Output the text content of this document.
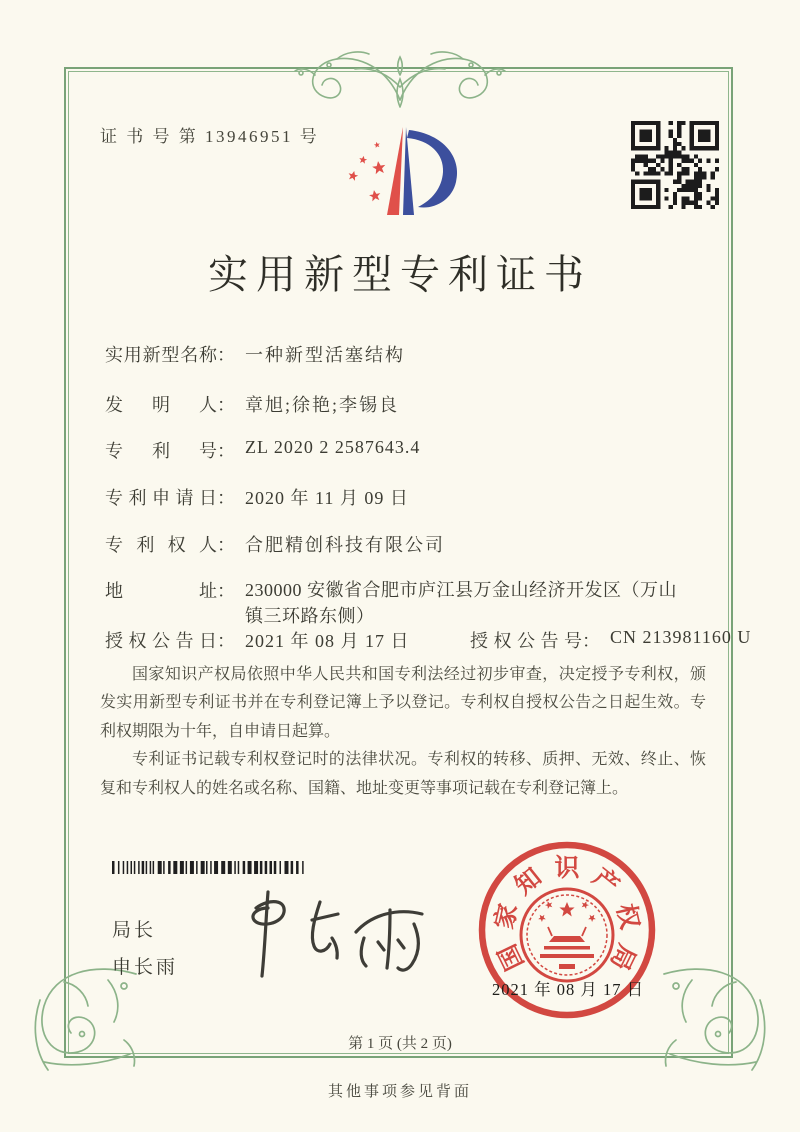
证 书 号 第 13946951 号
实用新型专利证书
实用新型名称 ： 一种新型活塞结构
发明人 ： 章旭;徐艳;李锡良
专利号 ： ZL 2020 2 2587643.4
专利申请日 ： 2020 年 11 月 09 日
专利权人 ： 合肥精创科技有限公司
地址 ： 230000 安徽省合肥市庐江县万金山经济开发区（万山镇三环路东侧）
授权公告日 ： 2021 年 08 月 17 日	授权公告号 ： CN 213981160 U

国家知识产权局依照中华人民共和国专利法经过初步审查，决定授予专利权，颁发实用新型专利证书并在专利登记簿上予以登记。专利权自授权公告之日起生效。专利权期限为十年，自申请日起算。

专利证书记载专利权登记时的法律状况。专利权的转移、质押、无效、终止、恢复和专利权人的姓名或名称、国籍、地址变更等事项记载在专利登记簿上。

局长
申长雨	国
家
知 识 产
权
局
2021 年 08 月 17 日
第 1 页 (共 2 页)
其他事项参见背面
